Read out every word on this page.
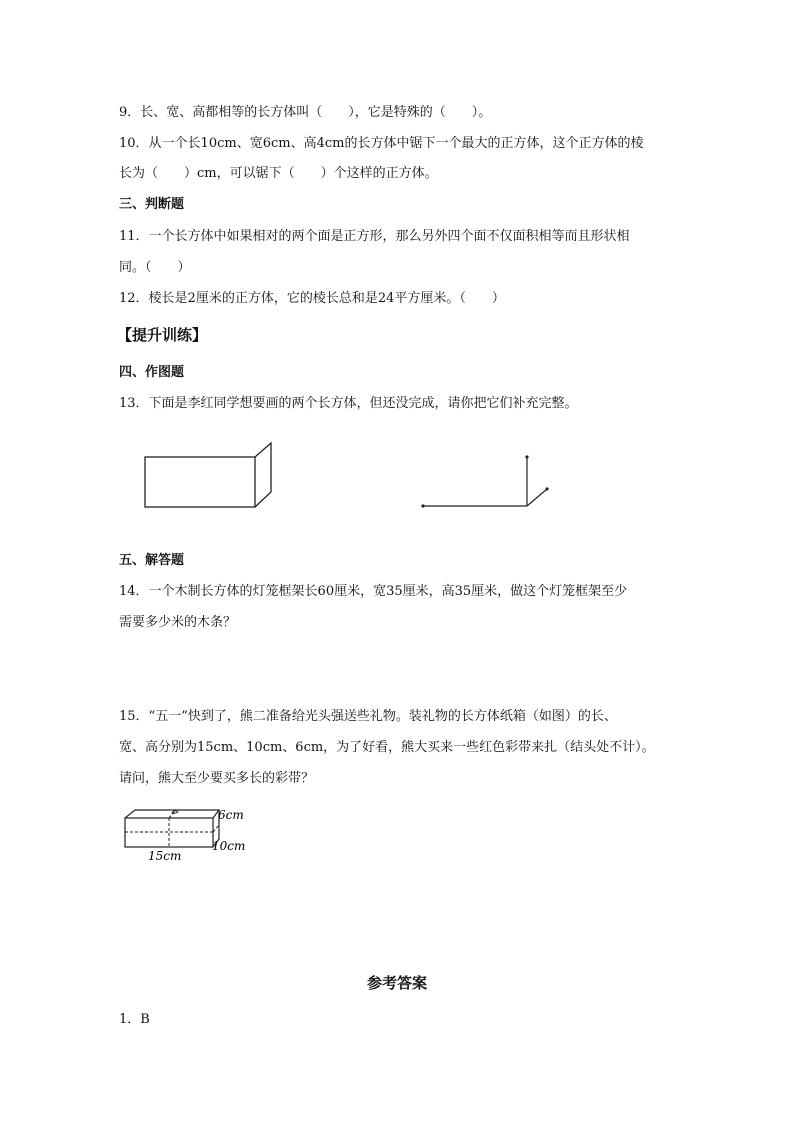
9．长、宽、高都相等的长方体叫（　　），它是特殊的（　　）。
10．从一个长10cm、宽6cm、高4cm的长方体中锯下一个最大的正方体，这个正方体的棱
长为（　　）cm，可以锯下（　　）个这样的正方体。
三、判断题
11．一个长方体中如果相对的两个面是正方形，那么另外四个面不仅面积相等而且形状相
同。（　　）
12．棱长是2厘米的正方体，它的棱长总和是24平方厘米。（　　）
【提升训练】
四、作图题
13．下面是李红同学想要画的两个长方体，但还没完成，请你把它们补充完整。
五、解答题
14．一个木制长方体的灯笼框架长60厘米，宽35厘米，高35厘米，做这个灯笼框架至少
需要多少米的木条？
15．“五一”快到了，熊二准备给光头强送些礼物。装礼物的长方体纸箱（如图）的长、
宽、高分别为15cm、10cm、6cm，为了好看，熊大买来一些红色彩带来扎（结头处不计）。
请问，熊大至少要买多长的彩带？
6cm
10cm
15cm
参考答案
1．B
